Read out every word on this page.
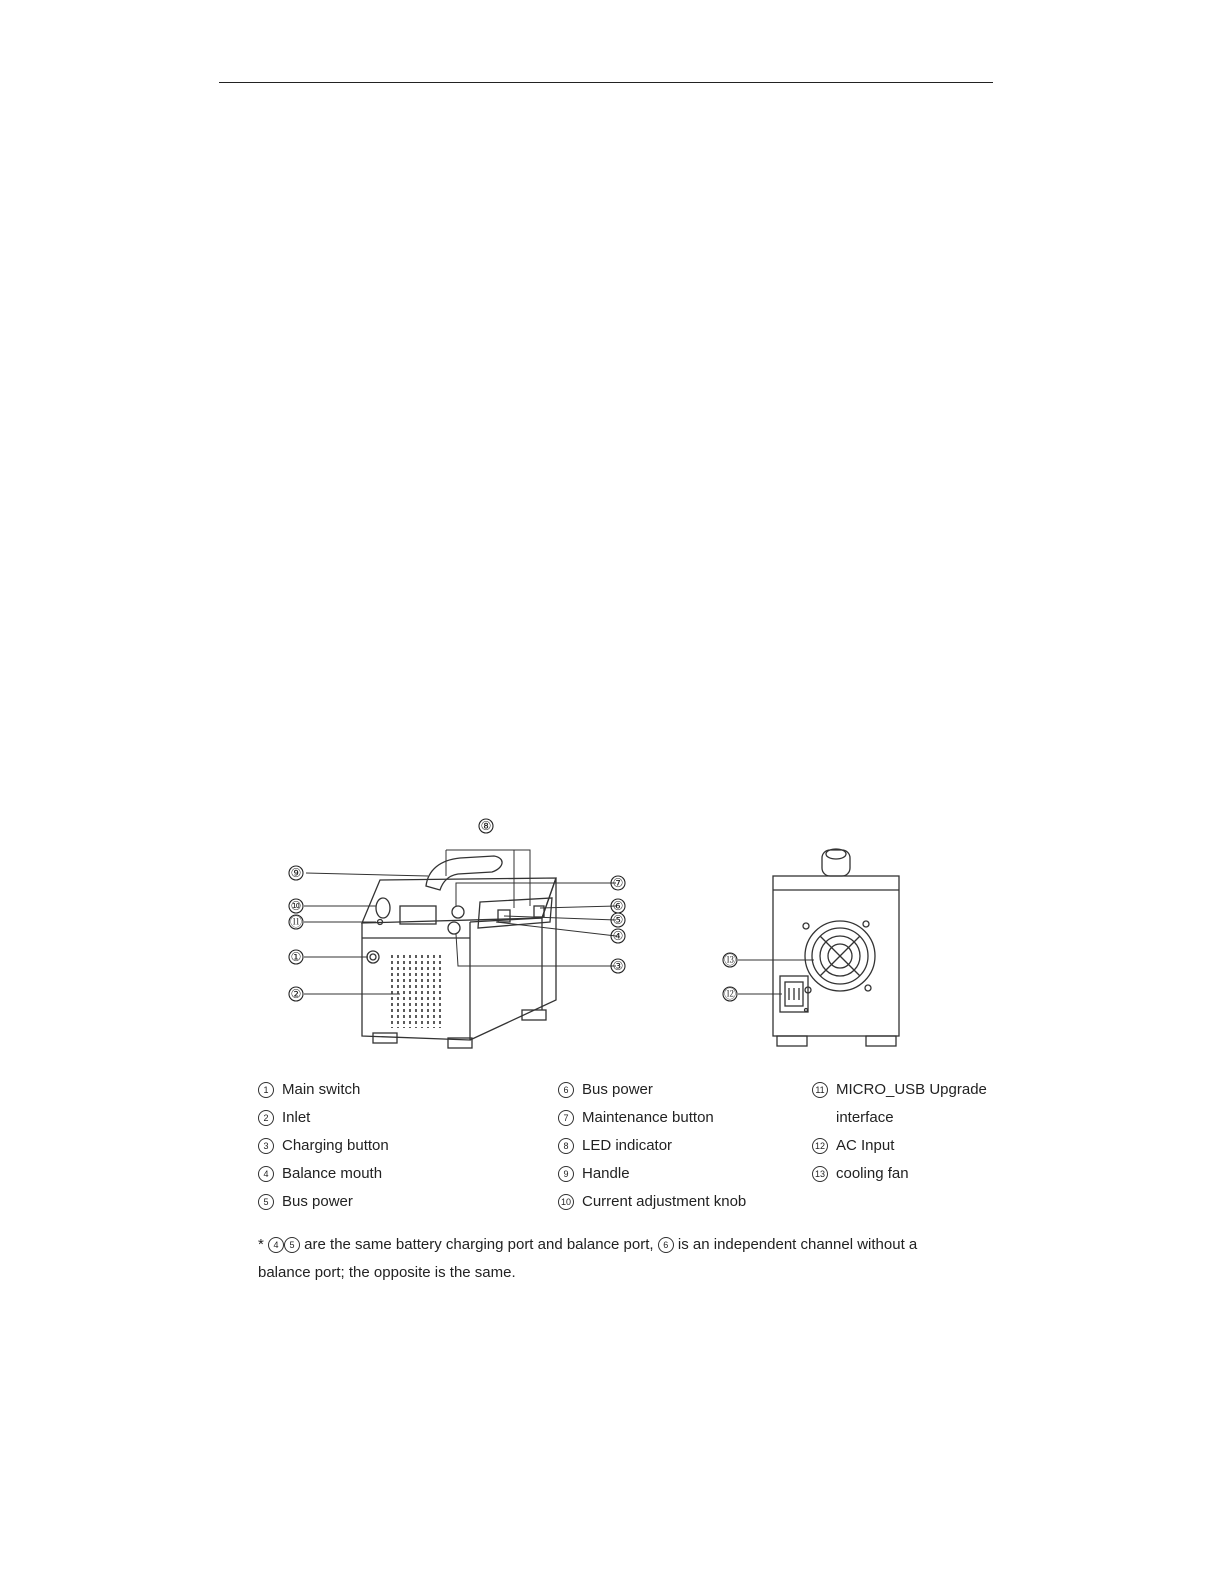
⑧
⑨
⑩
⑪
①
②
⑦
⑥
⑤
④
③	⑬
⑫
1 Main switch
2 Inlet
3 Charging button
4 Balance mouth
5 Bus power
6 Bus power
7 Maintenance button
8 LED indicator
9 Handle
10 Current adjustment knob
11 MICRO_USB Upgrade
interface
12 AC Input
13 cooling fan
* 4 5 are the same battery charging port and balance port, 6 is an independent channel without a balance port; the opposite is the same.
